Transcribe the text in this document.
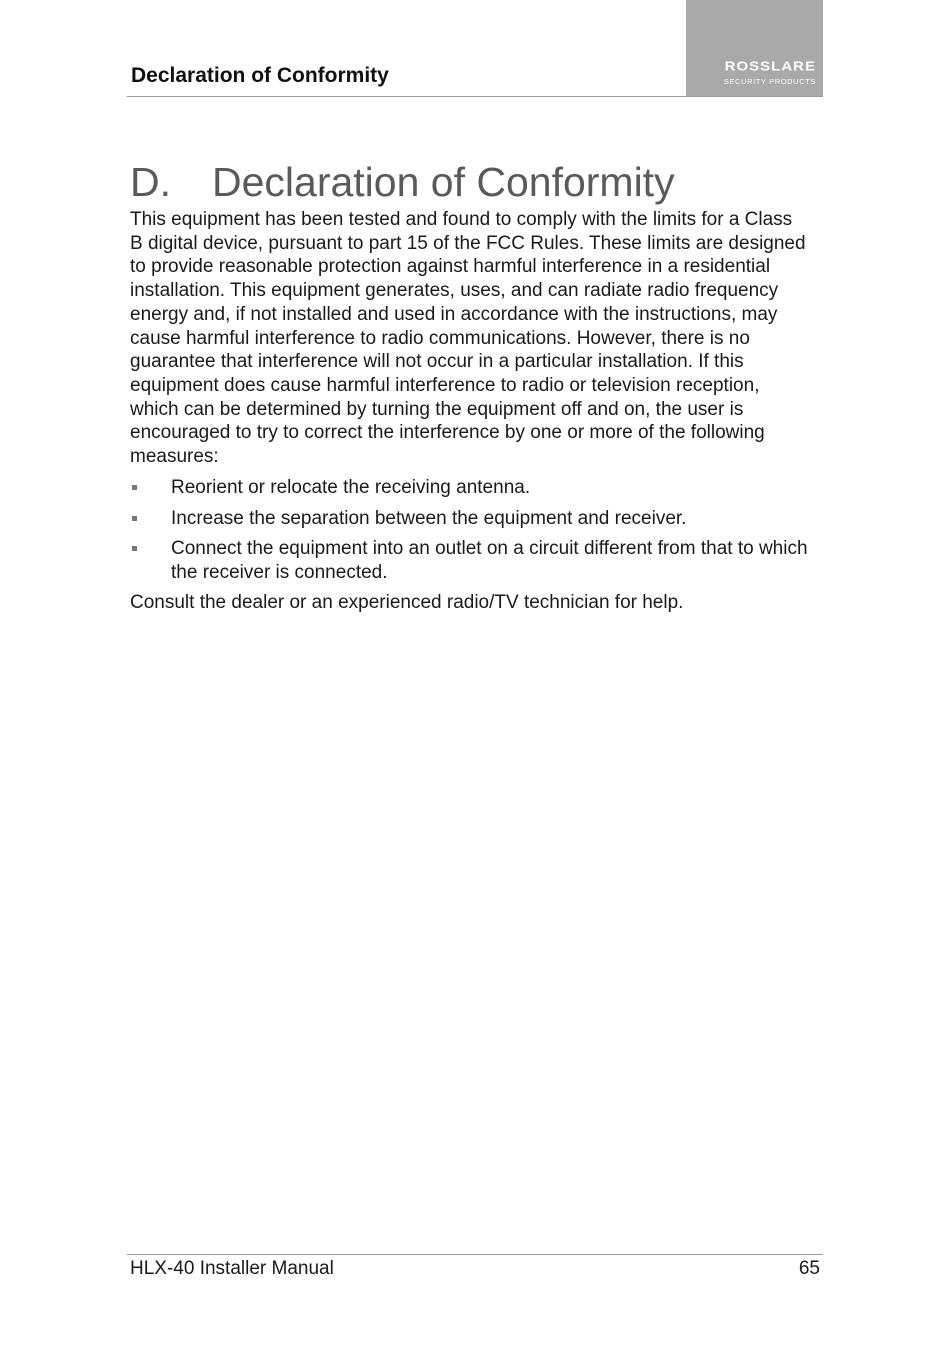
Declaration of Conformity	ROSSLARE
SECURITY PRODUCTS
D. Declaration of Conformity

This equipment has been tested and found to comply with the limits for a Class B digital device, pursuant to part 15 of the FCC Rules. These limits are designed to provide reasonable protection against harmful interference in a residential installation. This equipment generates, uses, and can radiate radio frequency energy and, if not installed and used in accordance with the instructions, may cause harmful interference to radio communications. However, there is no guarantee that interference will not occur in a particular installation. If this equipment does cause harmful interference to radio or television reception, which can be determined by turning the equipment off and on, the user is encouraged to try to correct the interference by one or more of the following measures:

Reorient or relocate the receiving antenna.
Increase the separation between the equipment and receiver.
Connect the equipment into an outlet on a circuit different from that to which the receiver is connected.

Consult the dealer or an experienced radio/TV technician for help.

HLX-40 Installer Manual	65
